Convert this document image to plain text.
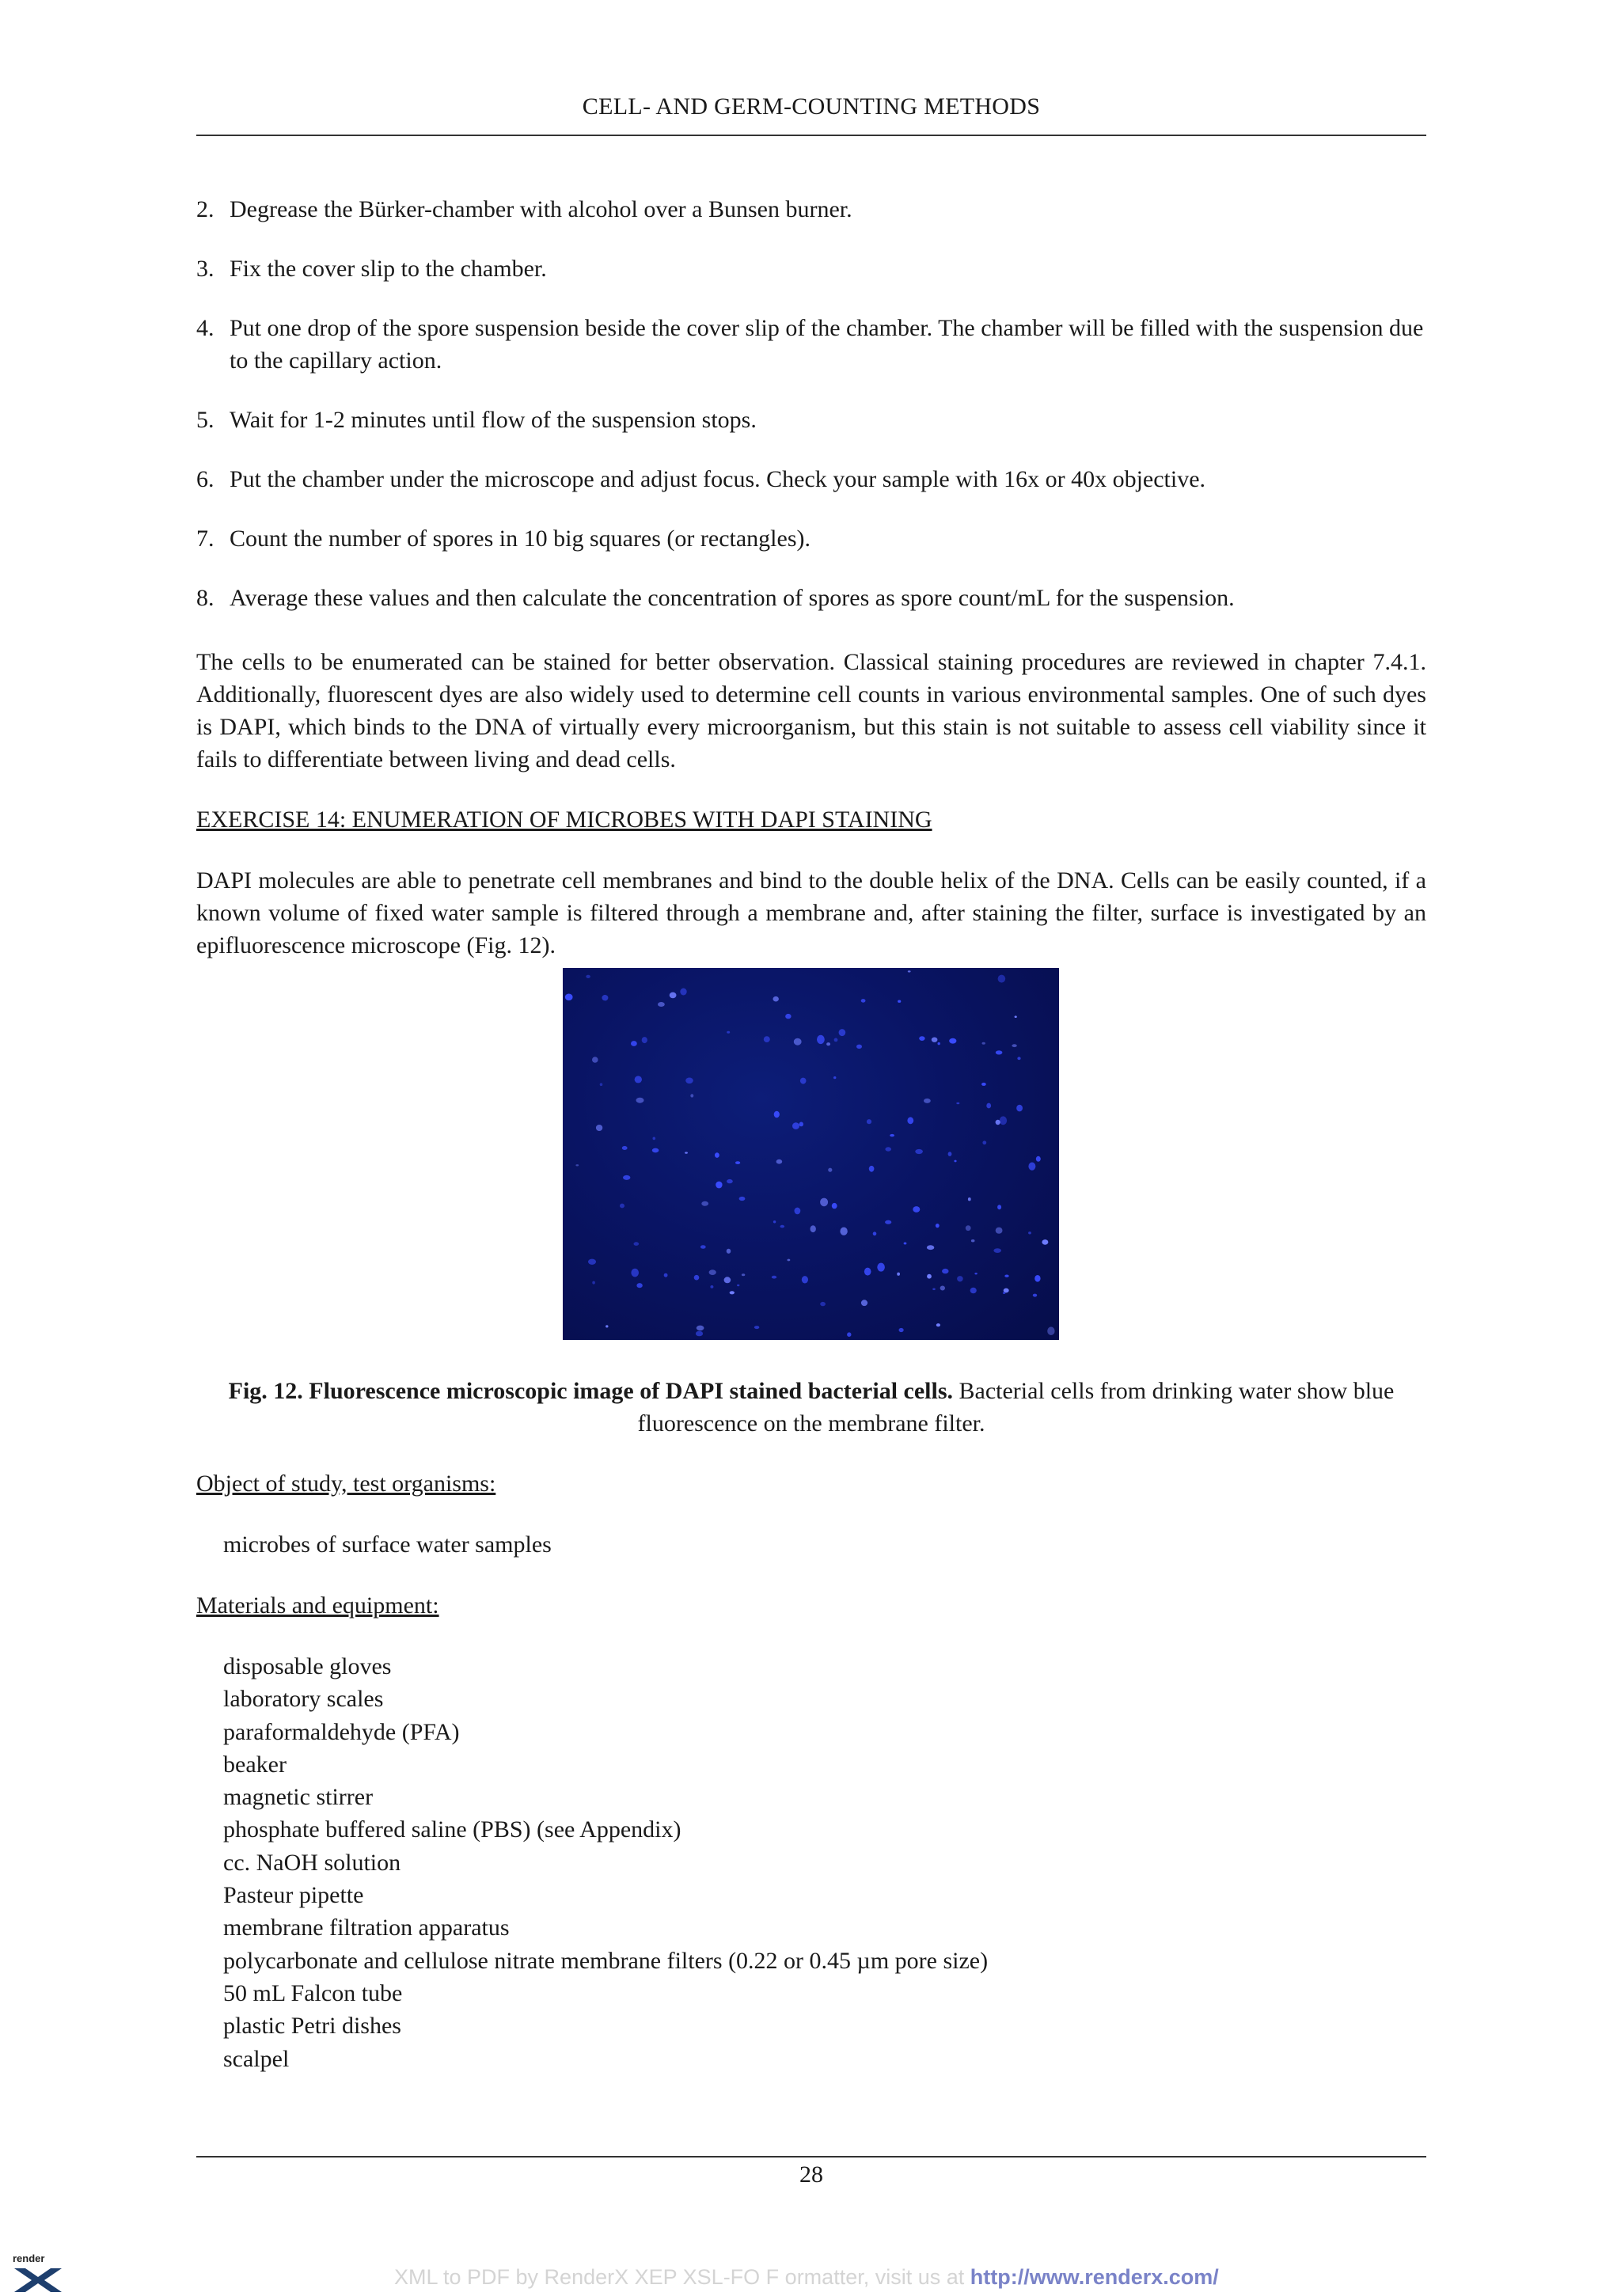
CELL- AND GERM-COUNTING METHODS
2. Degrease the Bürker-chamber with alcohol over a Bunsen burner.
3. Fix the cover slip to the chamber.
4. Put one drop of the spore suspension beside the cover slip of the chamber. The chamber will be filled with the suspension due to the capillary action.
5. Wait for 1-2 minutes until flow of the suspension stops.
6. Put the chamber under the microscope and adjust focus. Check your sample with 16x or 40x objective.
7. Count the number of spores in 10 big squares (or rectangles).
8. Average these values and then calculate the concentration of spores as spore count/mL for the suspension.

The cells to be enumerated can be stained for better observation. Classical staining procedures are reviewed in chapter 7.4.1. Additionally, fluorescent dyes are also widely used to determine cell counts in various environmental samples. One of such dyes is DAPI, which binds to the DNA of virtually every microorganism, but this stain is not suitable to assess cell viability since it fails to differentiate between living and dead cells.

EXERCISE 14: ENUMERATION OF MICROBES WITH DAPI STAINING

DAPI molecules are able to penetrate cell membranes and bind to the double helix of the DNA. Cells can be easily counted, if a known volume of fixed water sample is filtered through a membrane and, after staining the filter, surface is investigated by an epifluorescence microscope (Fig. 12).

Fig. 12. Fluorescence microscopic image of DAPI stained bacterial cells. Bacterial cells from drinking water show blue fluorescence on the membrane filter.

Object of study, test organisms:

microbes of surface water samples

Materials and equipment:

disposable gloves
laboratory scales
paraformaldehyde (PFA)
beaker
magnetic stirrer
phosphate buffered saline (PBS) (see Appendix)
cc. NaOH solution
Pasteur pipette
membrane filtration apparatus
polycarbonate and cellulose nitrate membrane filters (0.22 or 0.45 µm pore size)
50 mL Falcon tube
plastic Petri dishes
scalpel
28
render
XML to PDF by RenderX XEP XSL-FO F ormatter, visit us at http://www.renderx.com/
